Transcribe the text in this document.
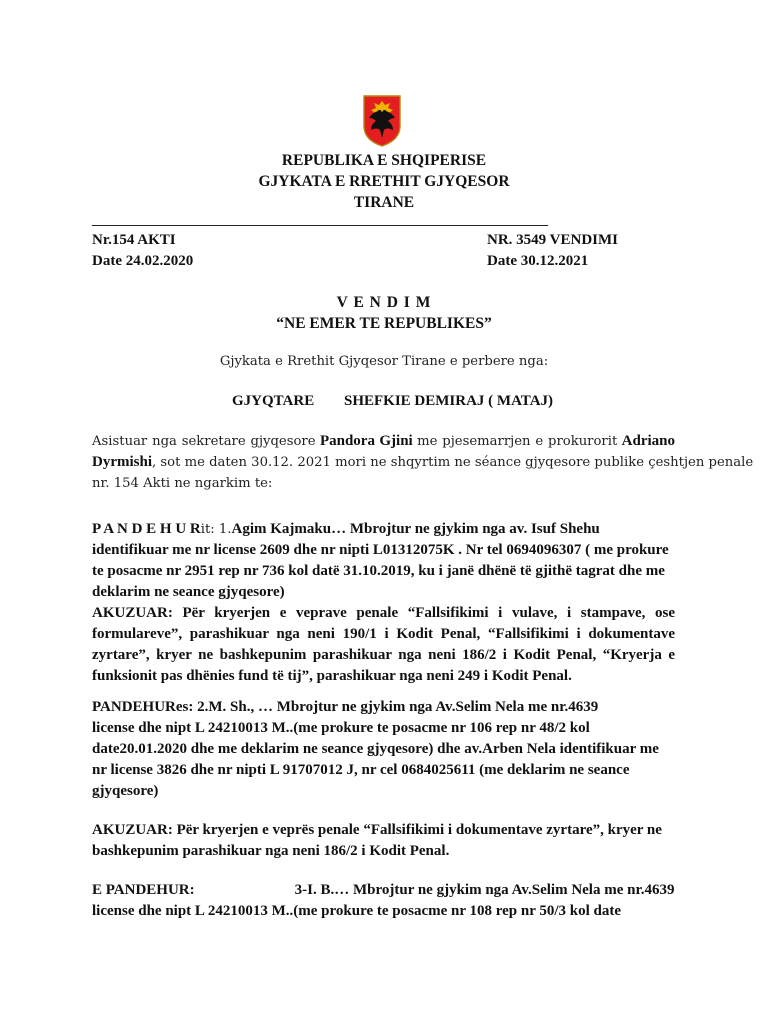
REPUBLIKA E SHQIPERISE
GJYKATA E RRETHIT GJYQESOR
TIRANE
Nr.154 AKTI
Date 24.02.2020
NR. 3549 VENDIMI
Date 30.12.2021
V E N D I M
“NE EMER TE REPUBLIKES”
Gjykata e Rrethit Gjyqesor Tirane e perbere nga:
GJYQTARE SHEFKIE DEMIRAJ ( MATAJ)
Asistuar nga sekretare gjyqesore Pandora Gjini me pjesemarrjen e prokurorit Adriano
Dyrmishi, sot me daten 30.12. 2021 mori ne shqyrtim ne séance gjyqesore publike çeshtjen penale
nr. 154 Akti ne ngarkim te:
P A N D E H U Rit: 1.Agim Kajmaku… Mbrojtur ne gjykim nga av. Isuf Shehu
identifikuar me nr license 2609 dhe nr nipti L01312075K . Nr tel 0694096307 ( me prokure
te posacme nr 2951 rep nr 736 kol datë 31.10.2019, ku i janë dhënë të gjithë tagrat dhe me
deklarim ne seance gjyqesore)
AKUZUAR: Për kryerjen e veprave penale “Fallsifikimi i vulave, i stampave, ose
formulareve”, parashikuar nga neni 190/1 i Kodit Penal, “Fallsifikimi i dokumentave
zyrtare”, kryer ne bashkepunim parashikuar nga neni 186/2 i Kodit Penal, “Kryerja e
funksionit pas dhënies fund të tij”, parashikuar nga neni 249 i Kodit Penal.
PANDEHURes: 2.M. Sh., … Mbrojtur ne gjykim nga Av.Selim Nela me nr.4639
license dhe nipt L 24210013 M..(me prokure te posacme nr 106 rep nr 48/2 kol
date20.01.2020 dhe me deklarim ne seance gjyqesore) dhe av.Arben Nela identifikuar me
nr license 3826 dhe nr nipti L 91707012 J, nr cel 0684025611 (me deklarim ne seance
gjyqesore)
AKUZUAR: Për kryerjen e veprës penale “Fallsifikimi i dokumentave zyrtare”, kryer ne
bashkepunim parashikuar nga neni 186/2 i Kodit Penal.
E PANDEHUR:	3-I. B.… Mbrojtur ne gjykim nga Av.Selim Nela me nr.4639
license dhe nipt L 24210013 M..(me prokure te posacme nr 108 rep nr 50/3 kol date
